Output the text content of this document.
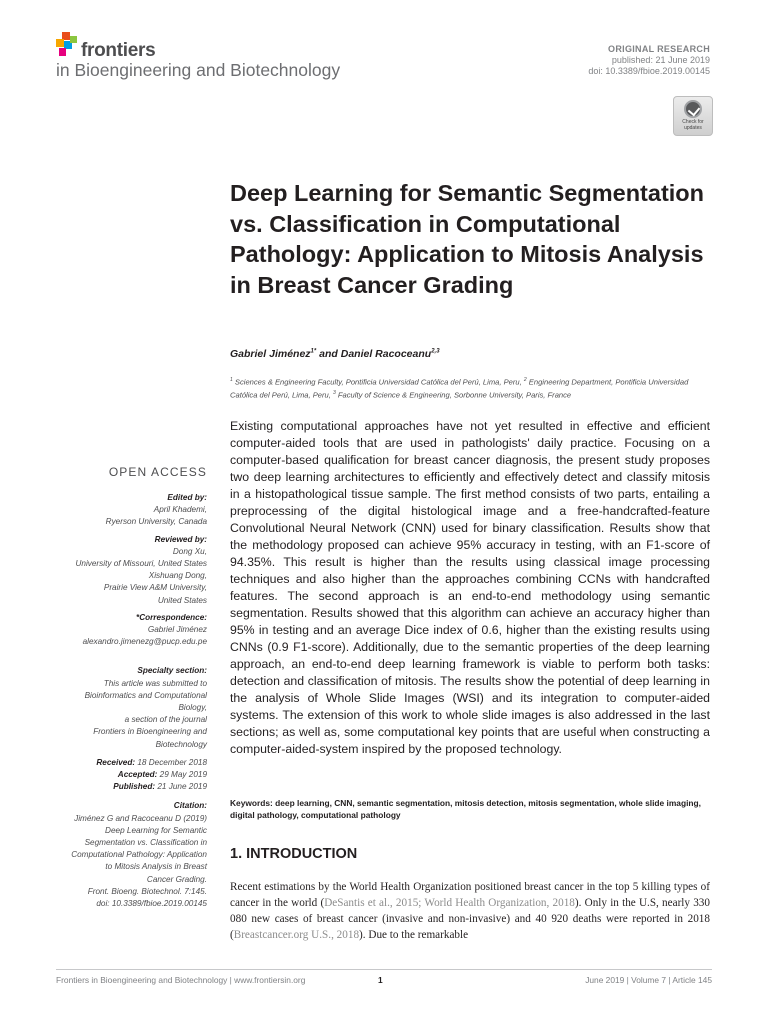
frontiers
in Bioengineering and Biotechnology
ORIGINAL RESEARCH
published: 21 June 2019
doi: 10.3389/fbioe.2019.00145
Check for updates
Deep Learning for Semantic Segmentation vs. Classification in Computational Pathology: Application to Mitosis Analysis in Breast Cancer Grading
Gabriel Jiménez$^{1*}$ and Daniel Racoceanu$^{2,3}$
$^1$ Sciences & Engineering Faculty, Pontificia Universidad Católica del Perú, Lima, Peru, $^2$ Engineering Department, Pontificia Universidad Católica del Perú, Lima, Peru, $^3$ Faculty of Science & Engineering, Sorbonne University, Paris, France

Existing computational approaches have not yet resulted in effective and efficient computer-aided tools that are used in pathologists' daily practice. Focusing on a computer-based qualification for breast cancer diagnosis, the present study proposes two deep learning architectures to efficiently and effectively detect and classify mitosis in a histopathological tissue sample. The first method consists of two parts, entailing a preprocessing of the digital histological image and a free-handcrafted-feature Convolutional Neural Network (CNN) used for binary classification. Results show that the methodology proposed can achieve 95% accuracy in testing, with an F1-score of 94.35%. This result is higher than the results using classical image processing techniques and also higher than the approaches combining CCNs with handcrafted features. The second approach is an end-to-end methodology using semantic segmentation. Results showed that this algorithm can achieve an accuracy higher than 95% in testing and an average Dice index of 0.6, higher than the existing results using CNNs (0.9 F1-score). Additionally, due to the semantic properties of the deep learning approach, an end-to-end deep learning framework is viable to perform both tasks: detection and classification of mitosis. The results show the potential of deep learning in the analysis of Whole Slide Images (WSI) and its integration to computer-aided systems. The extension of this work to whole slide images is also addressed in the last sections; as well as, some computational key points that are useful when constructing a computer-aided-system inspired by the proposed technology.

Keywords: deep learning, CNN, semantic segmentation, mitosis detection, mitosis segmentation, whole slide imaging, digital pathology, computational pathology
1. INTRODUCTION

Recent estimations by the World Health Organization positioned breast cancer in the top 5 killing types of cancer in the world (DeSantis et al., 2015; World Health Organization, 2018). Only in the U.S, nearly 330 080 new cases of breast cancer (invasive and non-invasive) and 40 920 deaths were reported in 2018 (Breastcancer.org U.S., 2018). Due to the remarkable

OPEN ACCESS
Edited by:
April Khademi,
Ryerson University, Canada
Reviewed by:
Dong Xu,
University of Missouri, United States
Xishuang Dong,
Prairie View A&M University,
United States
*Correspondence:
Gabriel Jiménez
alexandro.jimenezg@pucp.edu.pe
Specialty section:
This article was submitted to
Bioinformatics and Computational
Biology,
a section of the journal
Frontiers in Bioengineering and
Biotechnology
Received: 18 December 2018
Accepted: 29 May 2019
Published: 21 June 2019
Citation:
Jiménez G and Racoceanu D (2019)
Deep Learning for Semantic
Segmentation vs. Classification in
Computational Pathology: Application
to Mitosis Analysis in Breast
Cancer Grading.
Front. Bioeng. Biotechnol. 7:145.
doi: 10.3389/fbioe.2019.00145
Frontiers in Bioengineering and Biotechnology | www.frontiersin.org	1	June 2019 | Volume 7 | Article 145
